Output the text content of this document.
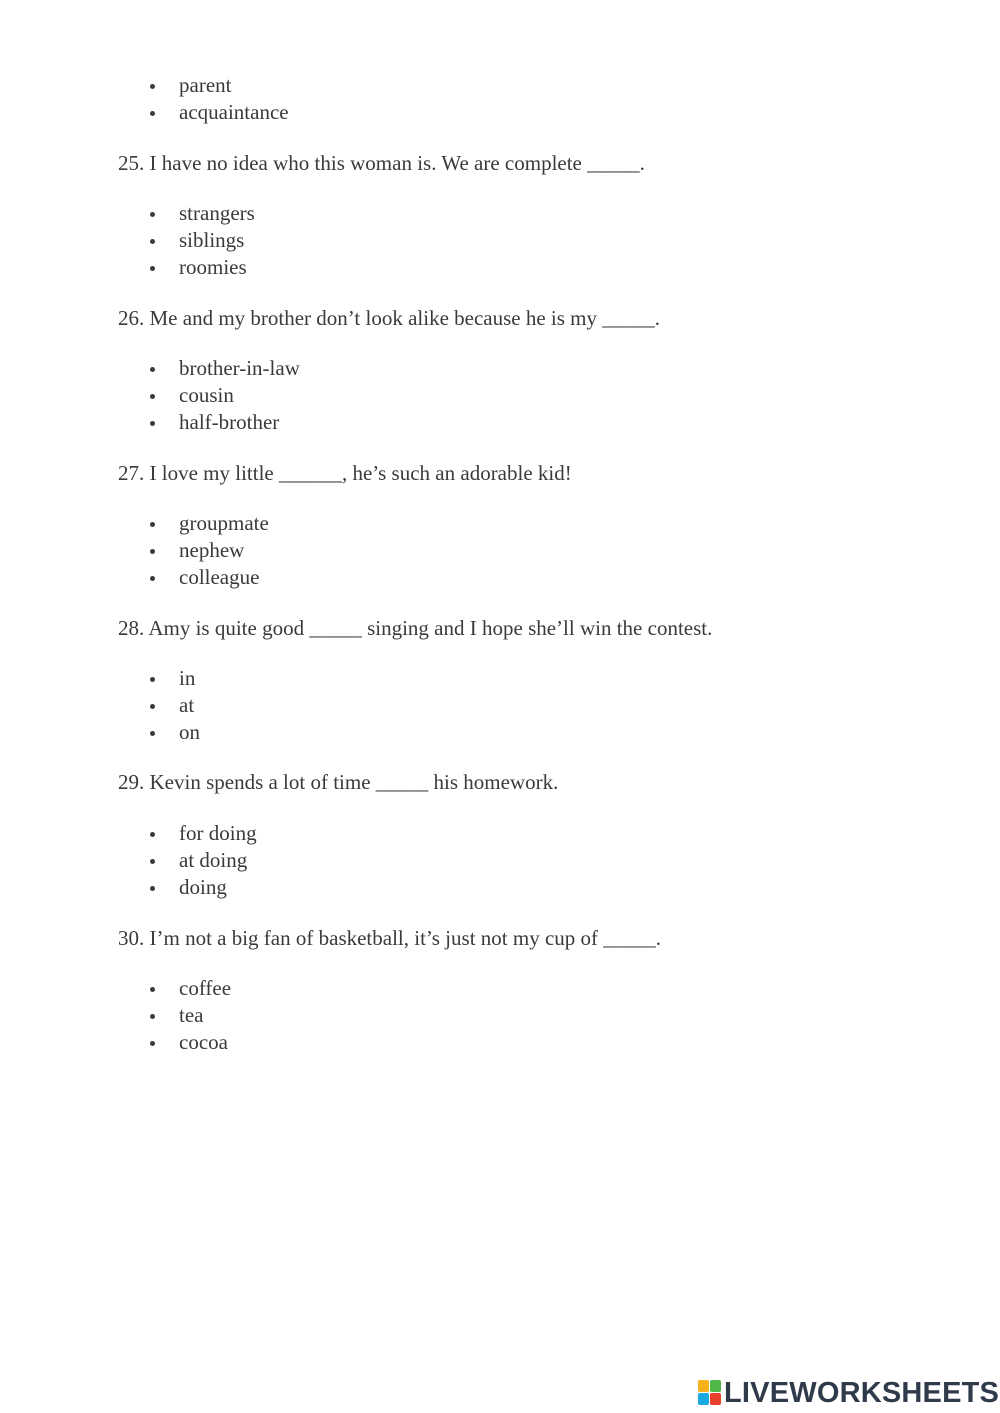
parent
acquaintance

25. I have no idea who this woman is. We are complete _____.

strangers
siblings
roomies

26. Me and my brother don’t look alike because he is my _____.

brother-in-law
cousin
half-brother

27. I love my little ______, he’s such an adorable kid!

groupmate
nephew
colleague

28. Amy is quite good _____ singing and I hope she’ll win the contest.

in
at
on

29. Kevin spends a lot of time _____ his homework.

for doing
at doing
doing

30. I’m not a big fan of basketball, it’s just not my cup of _____.

coffee
tea
cocoa
LIVEWORKSHEETS
